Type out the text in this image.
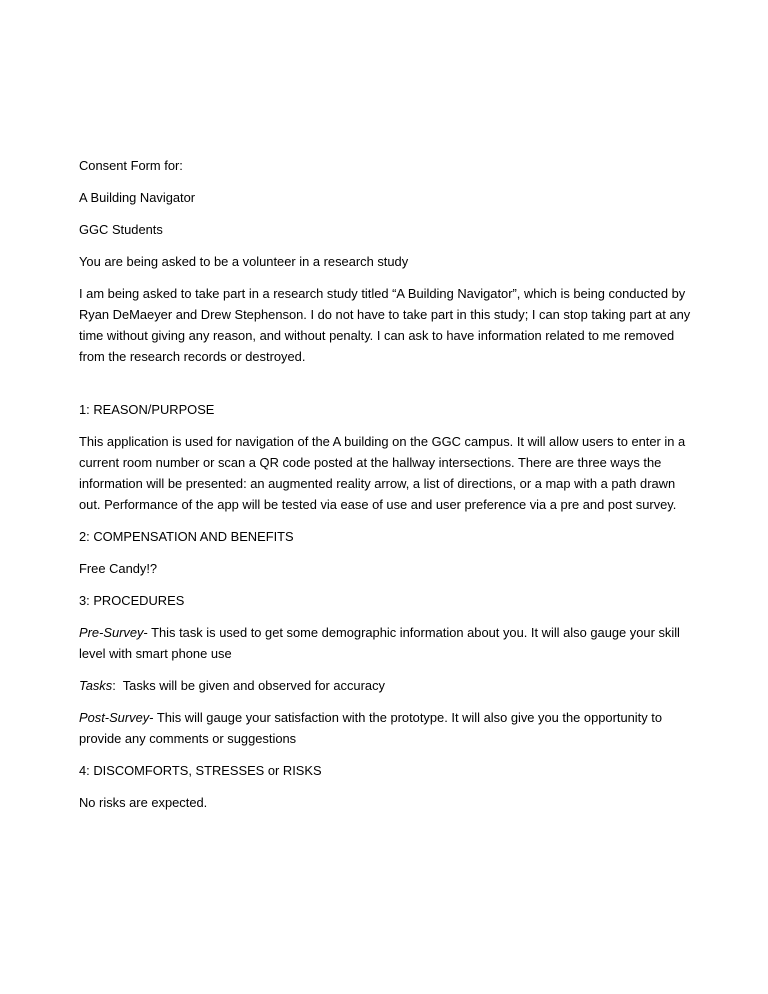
Consent Form for:

A Building Navigator

GGC Students

You are being asked to be a volunteer in a research study

I am being asked to take part in a research study titled “A Building Navigator”, which is being conducted by Ryan DeMaeyer and Drew Stephenson. I do not have to take part in this study; I can stop taking part at any time without giving any reason, and without penalty. I can ask to have information related to me removed from the research records or destroyed.

1: REASON/PURPOSE

This application is used for navigation of the A building on the GGC campus. It will allow users to enter in a current room number or scan a QR code posted at the hallway intersections. There are three ways the information will be presented: an augmented reality arrow, a list of directions, or a map with a path drawn out. Performance of the app will be tested via ease of use and user preference via a pre and post survey.

2: COMPENSATION AND BENEFITS

Free Candy!?

3: PROCEDURES

Pre-Survey- This task is used to get some demographic information about you. It will also gauge your skill level with smart phone use

Tasks:  Tasks will be given and observed for accuracy

Post-Survey- This will gauge your satisfaction with the prototype. It will also give you the opportunity to provide any comments or suggestions

4: DISCOMFORTS, STRESSES or RISKS

No risks are expected.
